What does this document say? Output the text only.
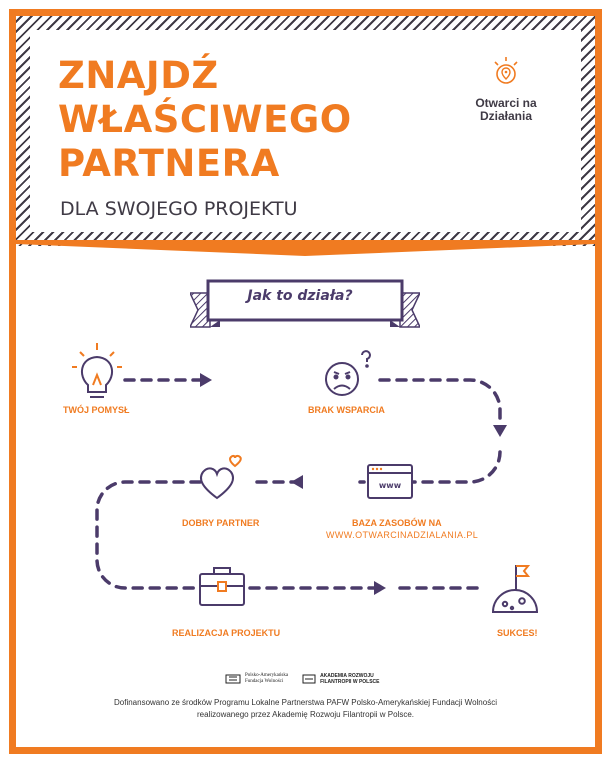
ZNAJDŹ
WŁAŚCIWEGO
PARTNERA
DLA SWOJEGO PROJEKTU
Otwarci na
Działania
Jak to działa?
www
TWÓJ POMYSŁ	BRAK WSPARCIA
BAZA ZASOBÓW NA
WWW.OTWARCINADZIALANIA.PL
DOBRY PARTNER
REALIZACJA PROJEKTU	SUKCES!
Polsko-Amerykańska
Fundacja Wolności
AKADEMIA ROZWOJU
FILANTROPII W POLSCE
Dofinansowano ze środków Programu Lokalne Partnerstwa PAFW Polsko-Amerykańskiej Fundacji Wolności
realizowanego przez Akademię Rozwoju Filantropii w Polsce.
